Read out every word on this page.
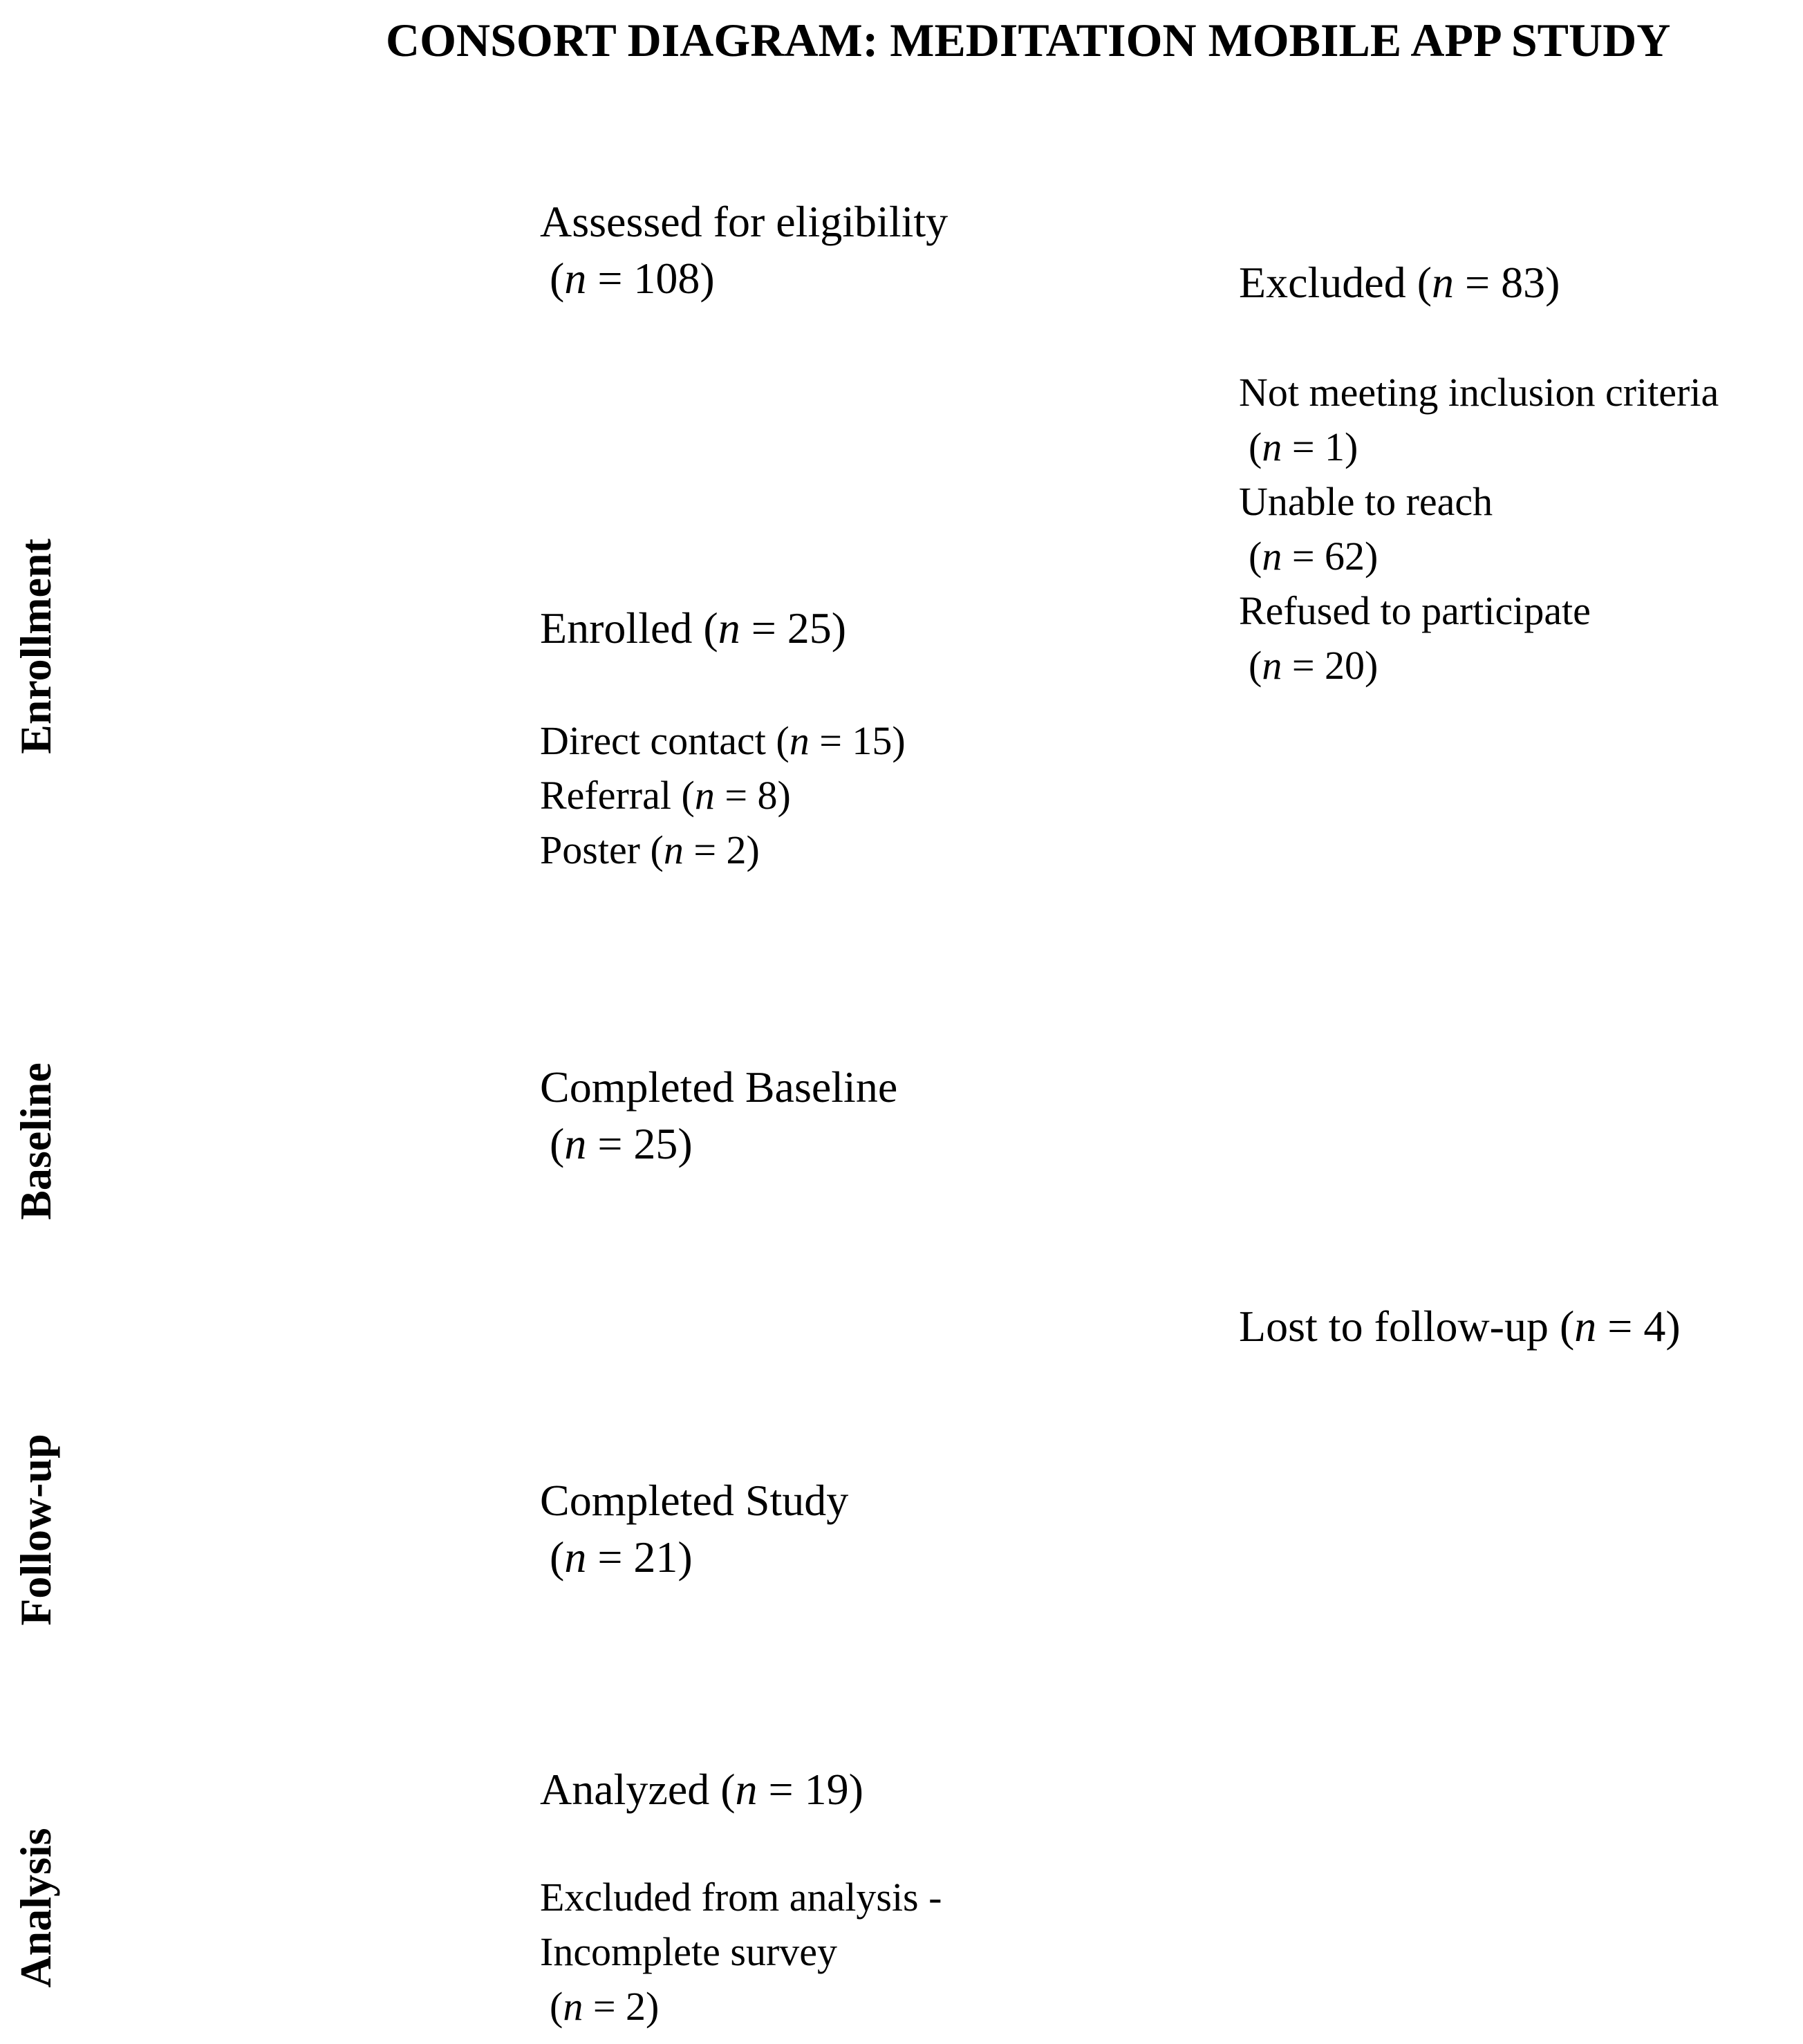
CONSORT DIAGRAM: MEDITATION MOBILE APP STUDY
Enrollment
Baseline
Follow-up
Analysis
Assessed for eligibility
(n = 108)	Excluded (n = 83)
Not meeting inclusion criteria
(n = 1)
Unable to reach
(n = 62)
Refused to participate
(n = 20)
Enrolled (n = 25)
Direct contact (n = 15)
Referral (n = 8)
Poster (n = 2)
Completed Baseline
(n = 25)
Lost to follow-up (n = 4)
Completed Study
(n = 21)
Analyzed (n = 19)
Excluded from analysis -
Incomplete survey
(n = 2)
